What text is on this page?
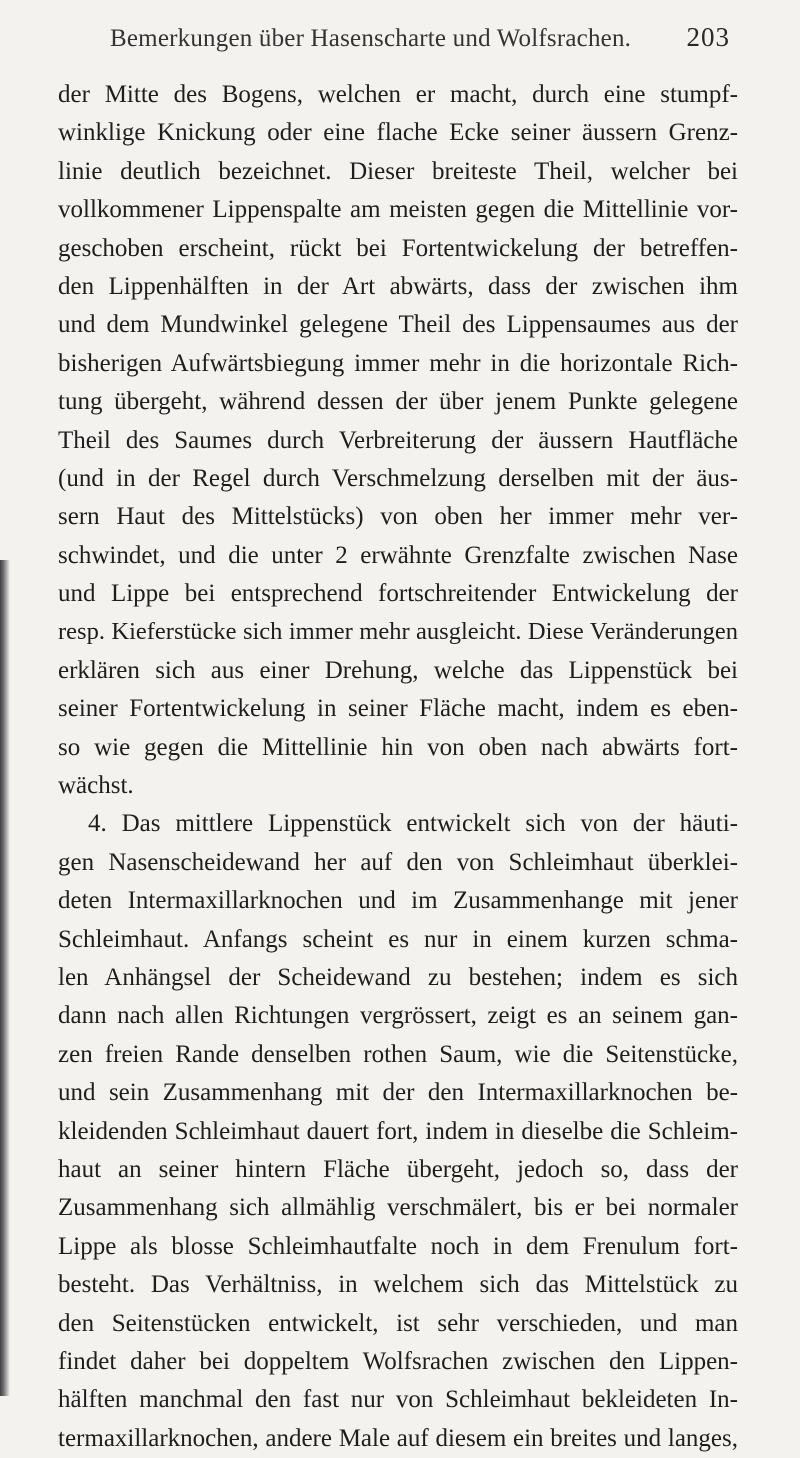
Bemerkungen über Hasenscharte und Wolfsrachen. 203
der Mitte des Bogens, welchen er macht, durch eine stumpf-
winklige Knickung oder eine flache Ecke seiner äussern Grenz-
linie deutlich bezeichnet. Dieser breiteste Theil, welcher bei
vollkommener Lippenspalte am meisten gegen die Mittellinie vor-
geschoben erscheint, rückt bei Fortentwickelung der betreffen-
den Lippenhälften in der Art abwärts, dass der zwischen ihm
und dem Mundwinkel gelegene Theil des Lippensaumes aus der
bisherigen Aufwärtsbiegung immer mehr in die horizontale Rich-
tung übergeht, während dessen der über jenem Punkte gelegene
Theil des Saumes durch Verbreiterung der äussern Hautfläche
(und in der Regel durch Verschmelzung derselben mit der äus-
sern Haut des Mittelstücks) von oben her immer mehr ver-
schwindet, und die unter 2 erwähnte Grenzfalte zwischen Nase
und Lippe bei entsprechend fortschreitender Entwickelung der
resp. Kieferstücke sich immer mehr ausgleicht. Diese Veränderungen
erklären sich aus einer Drehung, welche das Lippenstück bei
seiner Fortentwickelung in seiner Fläche macht, indem es eben-
so wie gegen die Mittellinie hin von oben nach abwärts fort-
wächst.
4. Das mittlere Lippenstück entwickelt sich von der häuti-
gen Nasenscheidewand her auf den von Schleimhaut überklei-
deten Intermaxillarknochen und im Zusammenhange mit jener
Schleimhaut. Anfangs scheint es nur in einem kurzen schma-
len Anhängsel der Scheidewand zu bestehen; indem es sich
dann nach allen Richtungen vergrössert, zeigt es an seinem gan-
zen freien Rande denselben rothen Saum, wie die Seitenstücke,
und sein Zusammenhang mit der den Intermaxillarknochen be-
kleidenden Schleimhaut dauert fort, indem in dieselbe die Schleim-
haut an seiner hintern Fläche übergeht, jedoch so, dass der
Zusammenhang sich allmählig verschmälert, bis er bei normaler
Lippe als blosse Schleimhautfalte noch in dem Frenulum fort-
besteht. Das Verhältniss, in welchem sich das Mittelstück zu
den Seitenstücken entwickelt, ist sehr verschieden, und man
findet daher bei doppeltem Wolfsrachen zwischen den Lippen-
hälften manchmal den fast nur von Schleimhaut bekleideten In-
termaxillarknochen, andere Male auf diesem ein breites und langes,
